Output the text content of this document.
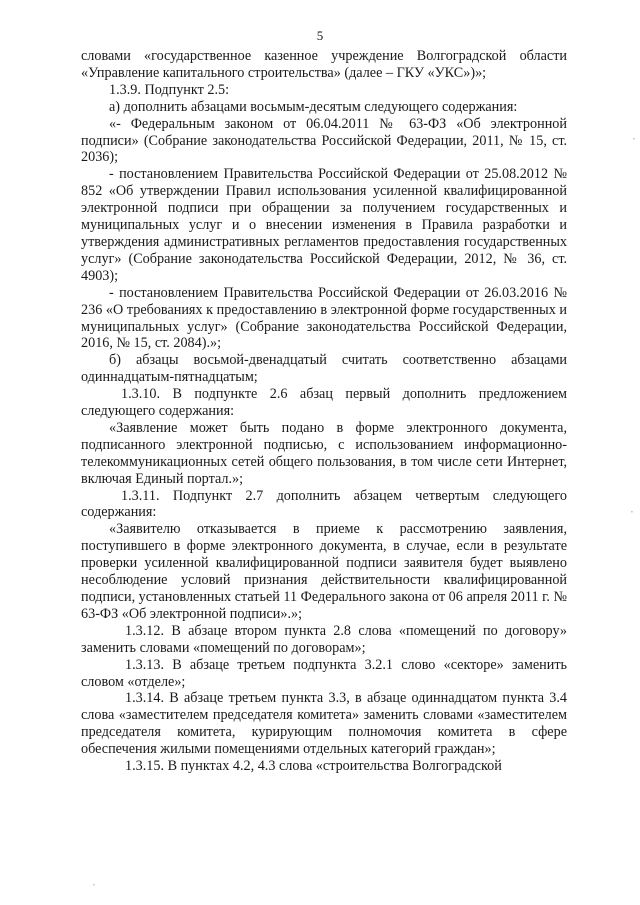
5

словами «государственное казенное учреждение Волгоградской области «Управление капитального строительства» (далее – ГКУ «УКС»)»;

1.3.9. Подпункт 2.5:

а) дополнить абзацами восьмым-десятым следующего содержания:

«- Федеральным законом от 06.04.2011 № 63-ФЗ «Об электронной подписи» (Собрание законодательства Российской Федерации, 2011, № 15, ст. 2036);

- постановлением Правительства Российской Федерации от 25.08.2012 № 852 «Об утверждении Правил использования усиленной квалифицированной электронной подписи при обращении за получением государственных и муниципальных услуг и о внесении изменения в Правила разработки и утверждения административных регламентов предоставления государственных услуг» (Собрание законодательства Российской Федерации, 2012, № 36, ст. 4903);

- постановлением Правительства Российской Федерации от 26.03.2016 № 236 «О требованиях к предоставлению в электронной форме государственных и муниципальных услуг» (Собрание законодательства Российской Федерации, 2016, № 15, ст. 2084).»;

б) абзацы восьмой-двенадцатый считать соответственно абзацами одиннадцатым-пятнадцатым;

1.3.10. В подпункте 2.6 абзац первый дополнить предложением следующего содержания:

«Заявление может быть подано в форме электронного документа, подписанного электронной подписью, с использованием информационно-телекоммуникационных сетей общего пользования, в том числе сети Интернет, включая Единый портал.»;

1.3.11. Подпункт 2.7 дополнить абзацем четвертым следующего содержания:

«Заявителю отказывается в приеме к рассмотрению заявления, поступившего в форме электронного документа, в случае, если в результате проверки усиленной квалифицированной подписи заявителя будет выявлено несоблюдение условий признания действительности квалифицированной подписи, установленных статьей 11 Федерального закона от 06 апреля 2011 г. № 63-ФЗ «Об электронной подписи».»;

1.3.12. В абзаце втором пункта 2.8 слова «помещений по договору» заменить словами «помещений по договорам»;

1.3.13. В абзаце третьем подпункта 3.2.1 слово «секторе» заменить словом «отделе»;

1.3.14. В абзаце третьем пункта 3.3, в абзаце одиннадцатом пункта 3.4 слова «заместителем председателя комитета» заменить словами «заместителем председателя комитета, курирующим полномочия комитета в сфере обеспечения жилыми помещениями отдельных категорий граждан»;

1.3.15. В пунктах 4.2, 4.3 слова «строительства Волгоградской

·
·
·
